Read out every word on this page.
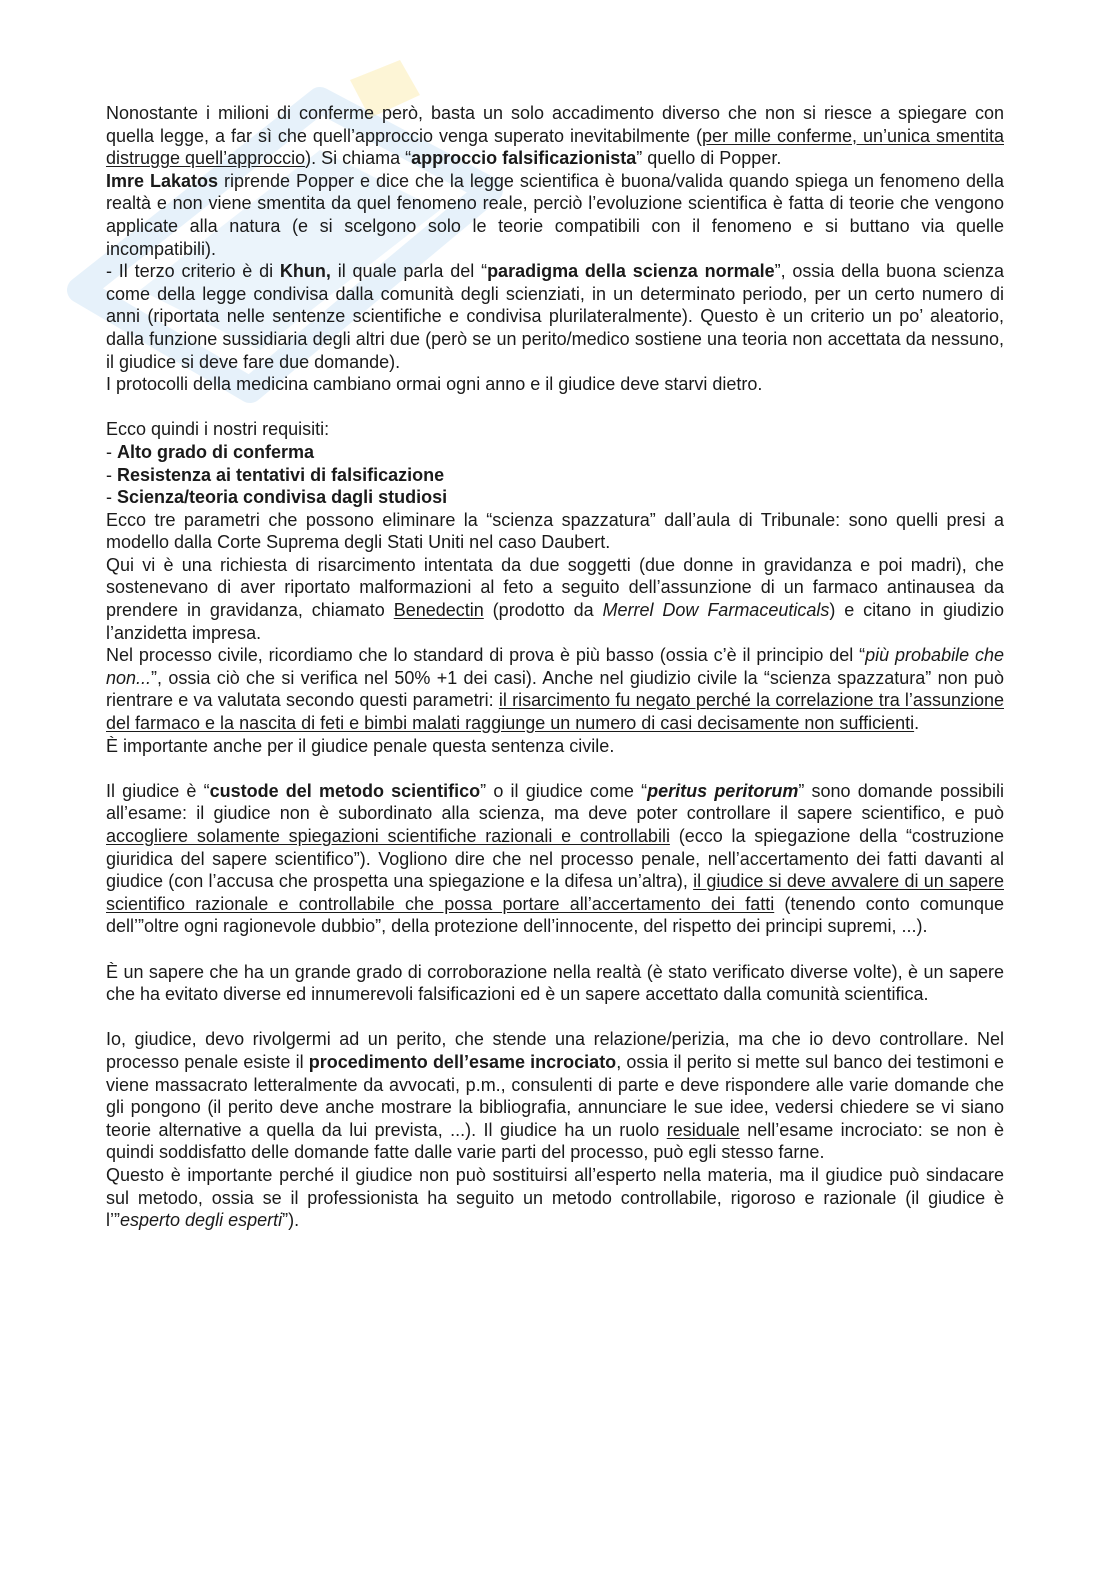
Nonostante i milioni di conferme però, basta un solo accadimento diverso che non si riesce a spiegare con quella legge, a far sì che quell’approccio venga superato inevitabilmente (per mille conferme, un’unica smentita distrugge quell’approccio). Si chiama “approccio falsificazionista” quello di Popper.

Imre Lakatos riprende Popper e dice che la legge scientifica è buona/valida quando spiega un fenomeno della realtà e non viene smentita da quel fenomeno reale, perciò l’evoluzione scientifica è fatta di teorie che vengono applicate alla natura (e si scelgono solo le teorie compatibili con il fenomeno e si buttano via quelle incompatibili).

- Il terzo criterio è di Khun, il quale parla del “paradigma della scienza normale”, ossia della buona scienza come della legge condivisa dalla comunità degli scienziati, in un determinato periodo, per un certo numero di anni (riportata nelle sentenze scientifiche e condivisa plurilateralmente). Questo è un criterio un po’ aleatorio, dalla funzione sussidiaria degli altri due (però se un perito/medico sostiene una teoria non accettata da nessuno, il giudice si deve fare due domande).

I protocolli della medicina cambiano ormai ogni anno e il giudice deve starvi dietro.

Ecco quindi i nostri requisiti:

- Alto grado di conferma

- Resistenza ai tentativi di falsificazione

- Scienza/teoria condivisa dagli studiosi

Ecco tre parametri che possono eliminare la “scienza spazzatura” dall’aula di Tribunale: sono quelli presi a modello dalla Corte Suprema degli Stati Uniti nel caso Daubert.

Qui vi è una richiesta di risarcimento intentata da due soggetti (due donne in gravidanza e poi madri), che sostenevano di aver riportato malformazioni al feto a seguito dell’assunzione di un farmaco antinausea da prendere in gravidanza, chiamato Benedectin (prodotto da Merrel Dow Farmaceuticals) e citano in giudizio l’anzidetta impresa.

Nel processo civile, ricordiamo che lo standard di prova è più basso (ossia c’è il principio del “più probabile che non...”, ossia ciò che si verifica nel 50% +1 dei casi). Anche nel giudizio civile la “scienza spazzatura” non può rientrare e va valutata secondo questi parametri: il risarcimento fu negato perché la correlazione tra l’assunzione del farmaco e la nascita di feti e bimbi malati raggiunge un numero di casi decisamente non sufficienti.

È importante anche per il giudice penale questa sentenza civile.

Il giudice è “custode del metodo scientifico” o il giudice come “peritus peritorum” sono domande possibili all’esame: il giudice non è subordinato alla scienza, ma deve poter controllare il sapere scientifico, e può accogliere solamente spiegazioni scientifiche razionali e controllabili (ecco la spiegazione della “costruzione giuridica del sapere scientifico”). Vogliono dire che nel processo penale, nell’accertamento dei fatti davanti al giudice (con l’accusa che prospetta una spiegazione e la difesa un’altra), il giudice si deve avvalere di un sapere scientifico razionale e controllabile che possa portare all’accertamento dei fatti (tenendo conto comunque dell’”oltre ogni ragionevole dubbio”, della protezione dell’innocente, del rispetto dei principi supremi, ...).

È un sapere che ha un grande grado di corroborazione nella realtà (è stato verificato diverse volte), è un sapere che ha evitato diverse ed innumerevoli falsificazioni ed è un sapere accettato dalla comunità scientifica.

Io, giudice, devo rivolgermi ad un perito, che stende una relazione/perizia, ma che io devo controllare. Nel processo penale esiste il procedimento dell’esame incrociato, ossia il perito si mette sul banco dei testimoni e viene massacrato letteralmente da avvocati, p.m., consulenti di parte e deve rispondere alle varie domande che gli pongono (il perito deve anche mostrare la bibliografia, annunciare le sue idee, vedersi chiedere se vi siano teorie alternative a quella da lui prevista, ...). Il giudice ha un ruolo residuale nell’esame incrociato: se non è quindi soddisfatto delle domande fatte dalle varie parti del processo, può egli stesso farne.

Questo è importante perché il giudice non può sostituirsi all’esperto nella materia, ma il giudice può sindacare sul metodo, ossia se il professionista ha seguito un metodo controllabile, rigoroso e razionale (il giudice è l’”esperto degli esperti”).
